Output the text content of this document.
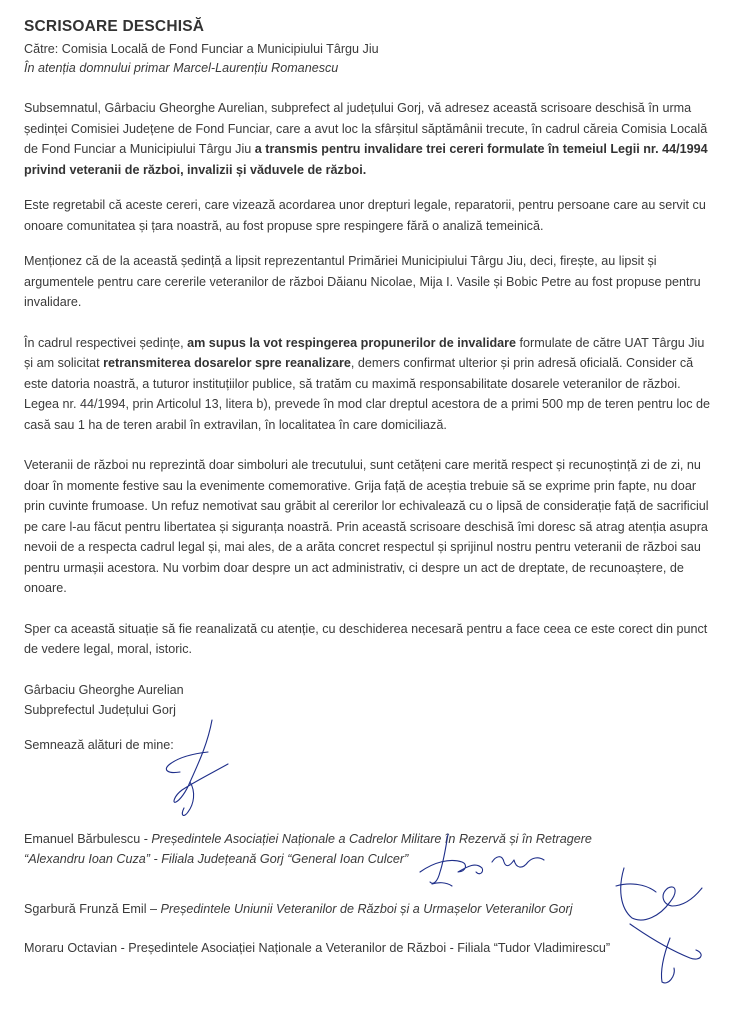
SCRISOARE DESCHISĂ
Către: Comisia Locală de Fond Funciar a Municipiului Târgu Jiu
În atenția domnului primar Marcel-Laurențiu Romanescu

Subsemnatul, Gârbaciu Gheorghe Aurelian, subprefect al județului Gorj, vă adresez această scrisoare deschisă în urma ședinței Comisiei Județene de Fond Funciar, care a avut loc la sfârșitul săptămânii trecute, în cadrul căreia Comisia Locală de Fond Funciar a Municipiului Târgu Jiu a transmis pentru invalidare trei cereri formulate în temeiul Legii nr. 44/1994 privind veteranii de război, invalizii și văduvele de război.

Este regretabil că aceste cereri, care vizează acordarea unor drepturi legale, reparatorii, pentru persoane care au servit cu onoare comunitatea și țara noastră, au fost propuse spre respingere fără o analiză temeinică.

Menționez că de la această ședință a lipsit reprezentantul Primăriei Municipiului Târgu Jiu, deci, firește, au lipsit și argumentele pentru care cererile veteranilor de război Dăianu Nicolae, Mija I. Vasile și Bobic Petre au fost propuse pentru invalidare.

În cadrul respectivei ședințe, am supus la vot respingerea propunerilor de invalidare formulate de către UAT Târgu Jiu și am solicitat retransmiterea dosarelor spre reanalizare, demers confirmat ulterior și prin adresă oficială. Consider că este datoria noastră, a tuturor instituțiilor publice, să tratăm cu maximă responsabilitate dosarele veteranilor de război. Legea nr. 44/1994, prin Articolul 13, litera b), prevede în mod clar dreptul acestora de a primi 500 mp de teren pentru loc de casă sau 1 ha de teren arabil în extravilan, în localitatea în care domiciliază.

Veteranii de război nu reprezintă doar simboluri ale trecutului, sunt cetățeni care merită respect și recunoștință zi de zi, nu doar în momente festive sau la evenimente comemorative. Grija față de aceștia trebuie să se exprime prin fapte, nu doar prin cuvinte frumoase. Un refuz nemotivat sau grăbit al cererilor lor echivalează cu o lipsă de considerație față de sacrificiul pe care l-au făcut pentru libertatea și siguranța noastră. Prin această scrisoare deschisă îmi doresc să atrag atenția asupra nevoii de a respecta cadrul legal și, mai ales, de a arăta concret respectul și sprijinul nostru pentru veteranii de război sau pentru urmașii acestora. Nu vorbim doar despre un act administrativ, ci despre un act de dreptate, de recunoaștere, de onoare.

Sper ca această situație să fie reanalizată cu atenție, cu deschiderea necesară pentru a face ceea ce este corect din punct de vedere legal, moral, istoric.

Gârbaciu Gheorghe Aurelian
Subprefectul Județului Gorj
Semnează alături de mine:
Emanuel Bărbulescu - Președintele Asociației Naționale a Cadrelor Militare în Rezervă și în Retragere
“Alexandru Ioan Cuza” - Filiala Județeană Gorj “General Ioan Culcer”
Sgarbură Frunză Emil – Președintele Uniunii Veteranilor de Război și a Urmașelor Veteranilor Gorj
Moraru Octavian - Președintele Asociației Naționale a Veteranilor de Război - Filiala “Tudor Vladimirescu”
